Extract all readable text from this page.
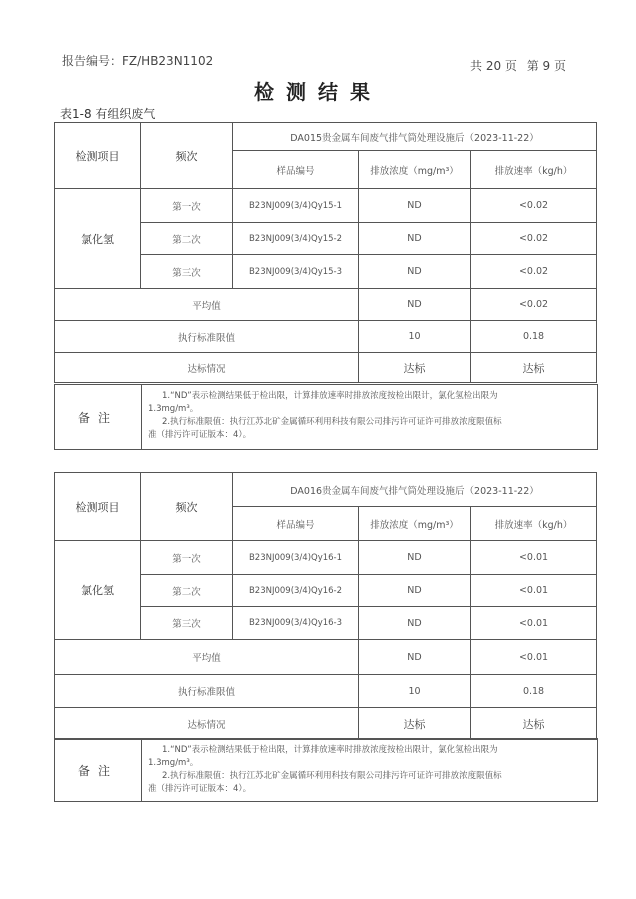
报告编号：FZ/HB23N1102	共 20 页 第 9 页
检测结果
表1-8 有组织废气
检测项目	频次	DA015贵金属车间废气排气筒处理设施后（2023-11-22）		
		样品编号	排放浓度（mg/m³）	排放速率（kg/h）
氯化氢	第一次	B23NJ009(3/4)Qy15-1	ND	<0.02
	第二次	B23NJ009(3/4)Qy15-2	ND	<0.02
	第三次	B23NJ009(3/4)Qy15-3	ND	<0.02
平均值			ND	<0.02
执行标准限值			10	0.18
达标情况			达标	达标
备注

1.“ND”表示检测结果低于检出限，计算排放速率时排放浓度按检出限计，氯化氢检出限为

1.3mg/m³。

2.执行标准限值：执行江苏北矿金属循环利用科技有限公司排污许可证许可排放浓度限值标

准（排污许可证版本：4）。

检测项目	频次	DA016贵金属车间废气排气筒处理设施后（2023-11-22）		
		样品编号	排放浓度（mg/m³）	排放速率（kg/h）
氯化氢	第一次	B23NJ009(3/4)Qy16-1	ND	<0.01
	第二次	B23NJ009(3/4)Qy16-2	ND	<0.01
	第三次	B23NJ009(3/4)Qy16-3	ND	<0.01
平均值			ND	<0.01
执行标准限值			10	0.18
达标情况			达标	达标
备注

1.“ND”表示检测结果低于检出限，计算排放速率时排放浓度按检出限计，氯化氢检出限为

1.3mg/m³。

2.执行标准限值：执行江苏北矿金属循环利用科技有限公司排污许可证许可排放浓度限值标

准（排污许可证版本：4）。
